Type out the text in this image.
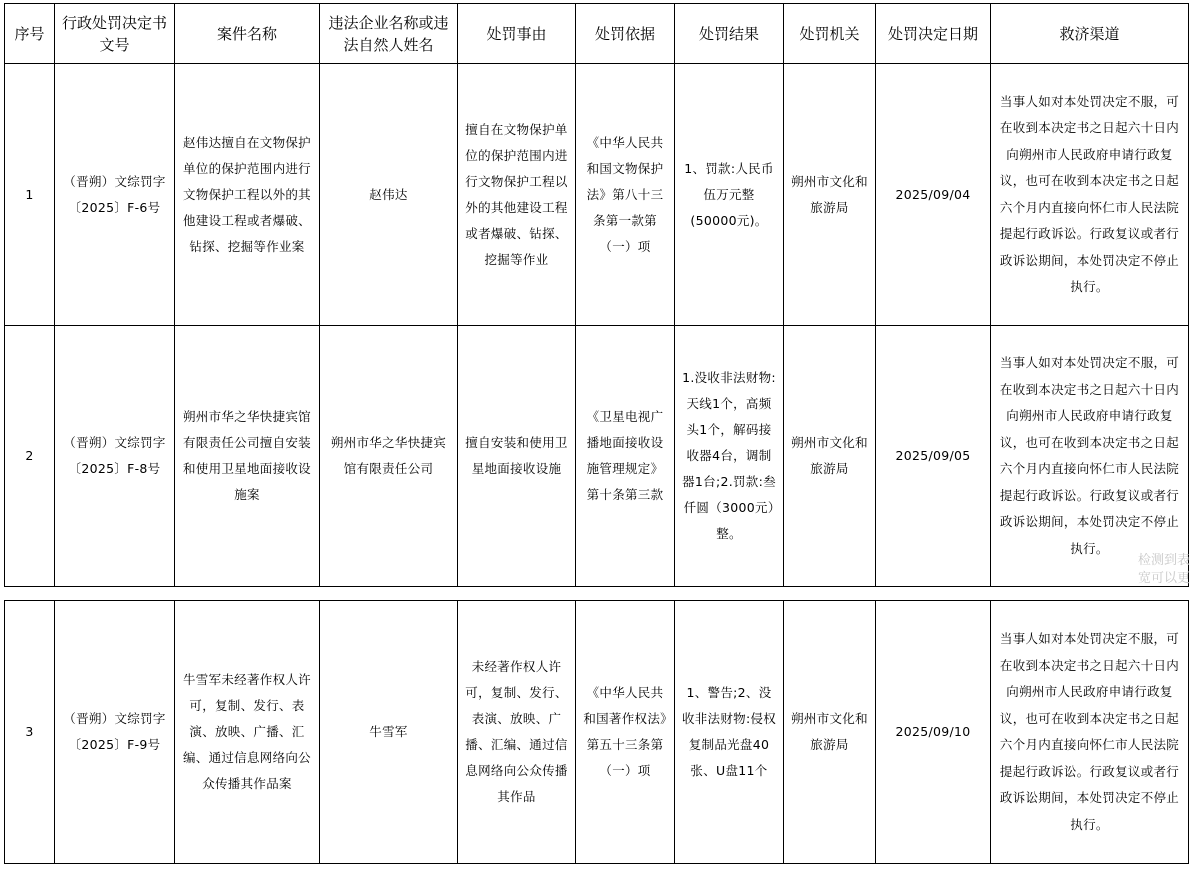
序号	行政处罚决定书文号	案件名称	违法企业名称或违法自然人姓名	处罚事由	处罚依据	处罚结果	处罚机关	处罚决定日期	救济渠道
1	（晋朔）文综罚字〔2025〕F-6号	赵伟达擅自在文物保护单位的保护范围内进行文物保护工程以外的其他建设工程或者爆破、钻探、挖掘等作业案	赵伟达	擅自在文物保护单位的保护范围内进行文物保护工程以外的其他建设工程或者爆破、钻探、挖掘等作业	《中华人民共和国文物保护法》第八十三条第一款第（一）项	1、罚款:人民币伍万元整(50000元)。	朔州市文化和旅游局	2025/09/04	当事人如对本处罚决定不服，可在收到本决定书之日起六十日内向朔州市人民政府申请行政复议，也可在收到本决定书之日起六个月内直接向怀仁市人民法院提起行政诉讼。行政复议或者行政诉讼期间，本处罚决定不停止执行。
2	（晋朔）文综罚字〔2025〕F-8号	朔州市华之华快捷宾馆有限责任公司擅自安装和使用卫星地面接收设施案	朔州市华之华快捷宾馆有限责任公司	擅自安装和使用卫星地面接收设施	《卫星电视广播地面接收设施管理规定》第十条第三款	1.没收非法财物:天线1个，高频头1个，解码接收器4台，调制器1台;2.罚款:叁仟圆（3000元）整。	朔州市文化和旅游局	2025/09/05	当事人如对本处罚决定不服，可在收到本决定书之日起六十日内向朔州市人民政府申请行政复议，也可在收到本决定书之日起六个月内直接向怀仁市人民法院提起行政诉讼。行政复议或者行政诉讼期间，本处罚决定不停止执行。
3	（晋朔）文综罚字〔2025〕F-9号	牛雪军未经著作权人许可，复制、发行、表演、放映、广播、汇编、通过信息网络向公众传播其作品案	牛雪军	未经著作权人许可，复制、发行、表演、放映、广播、汇编、通过信息网络向公众传播其作品	《中华人民共和国著作权法》第五十三条第（一）项	1、警告;2、没收非法财物:侵权复制品光盘40张、U盘11个	朔州市文化和旅游局	2025/09/10	当事人如对本处罚决定不服，可在收到本决定书之日起六十日内向朔州市人民政府申请行政复议，也可在收到本决定书之日起六个月内直接向怀仁市人民法院提起行政诉讼。行政复议或者行政诉讼期间，本处罚决定不停止执行。
检测到表
宽可以更
